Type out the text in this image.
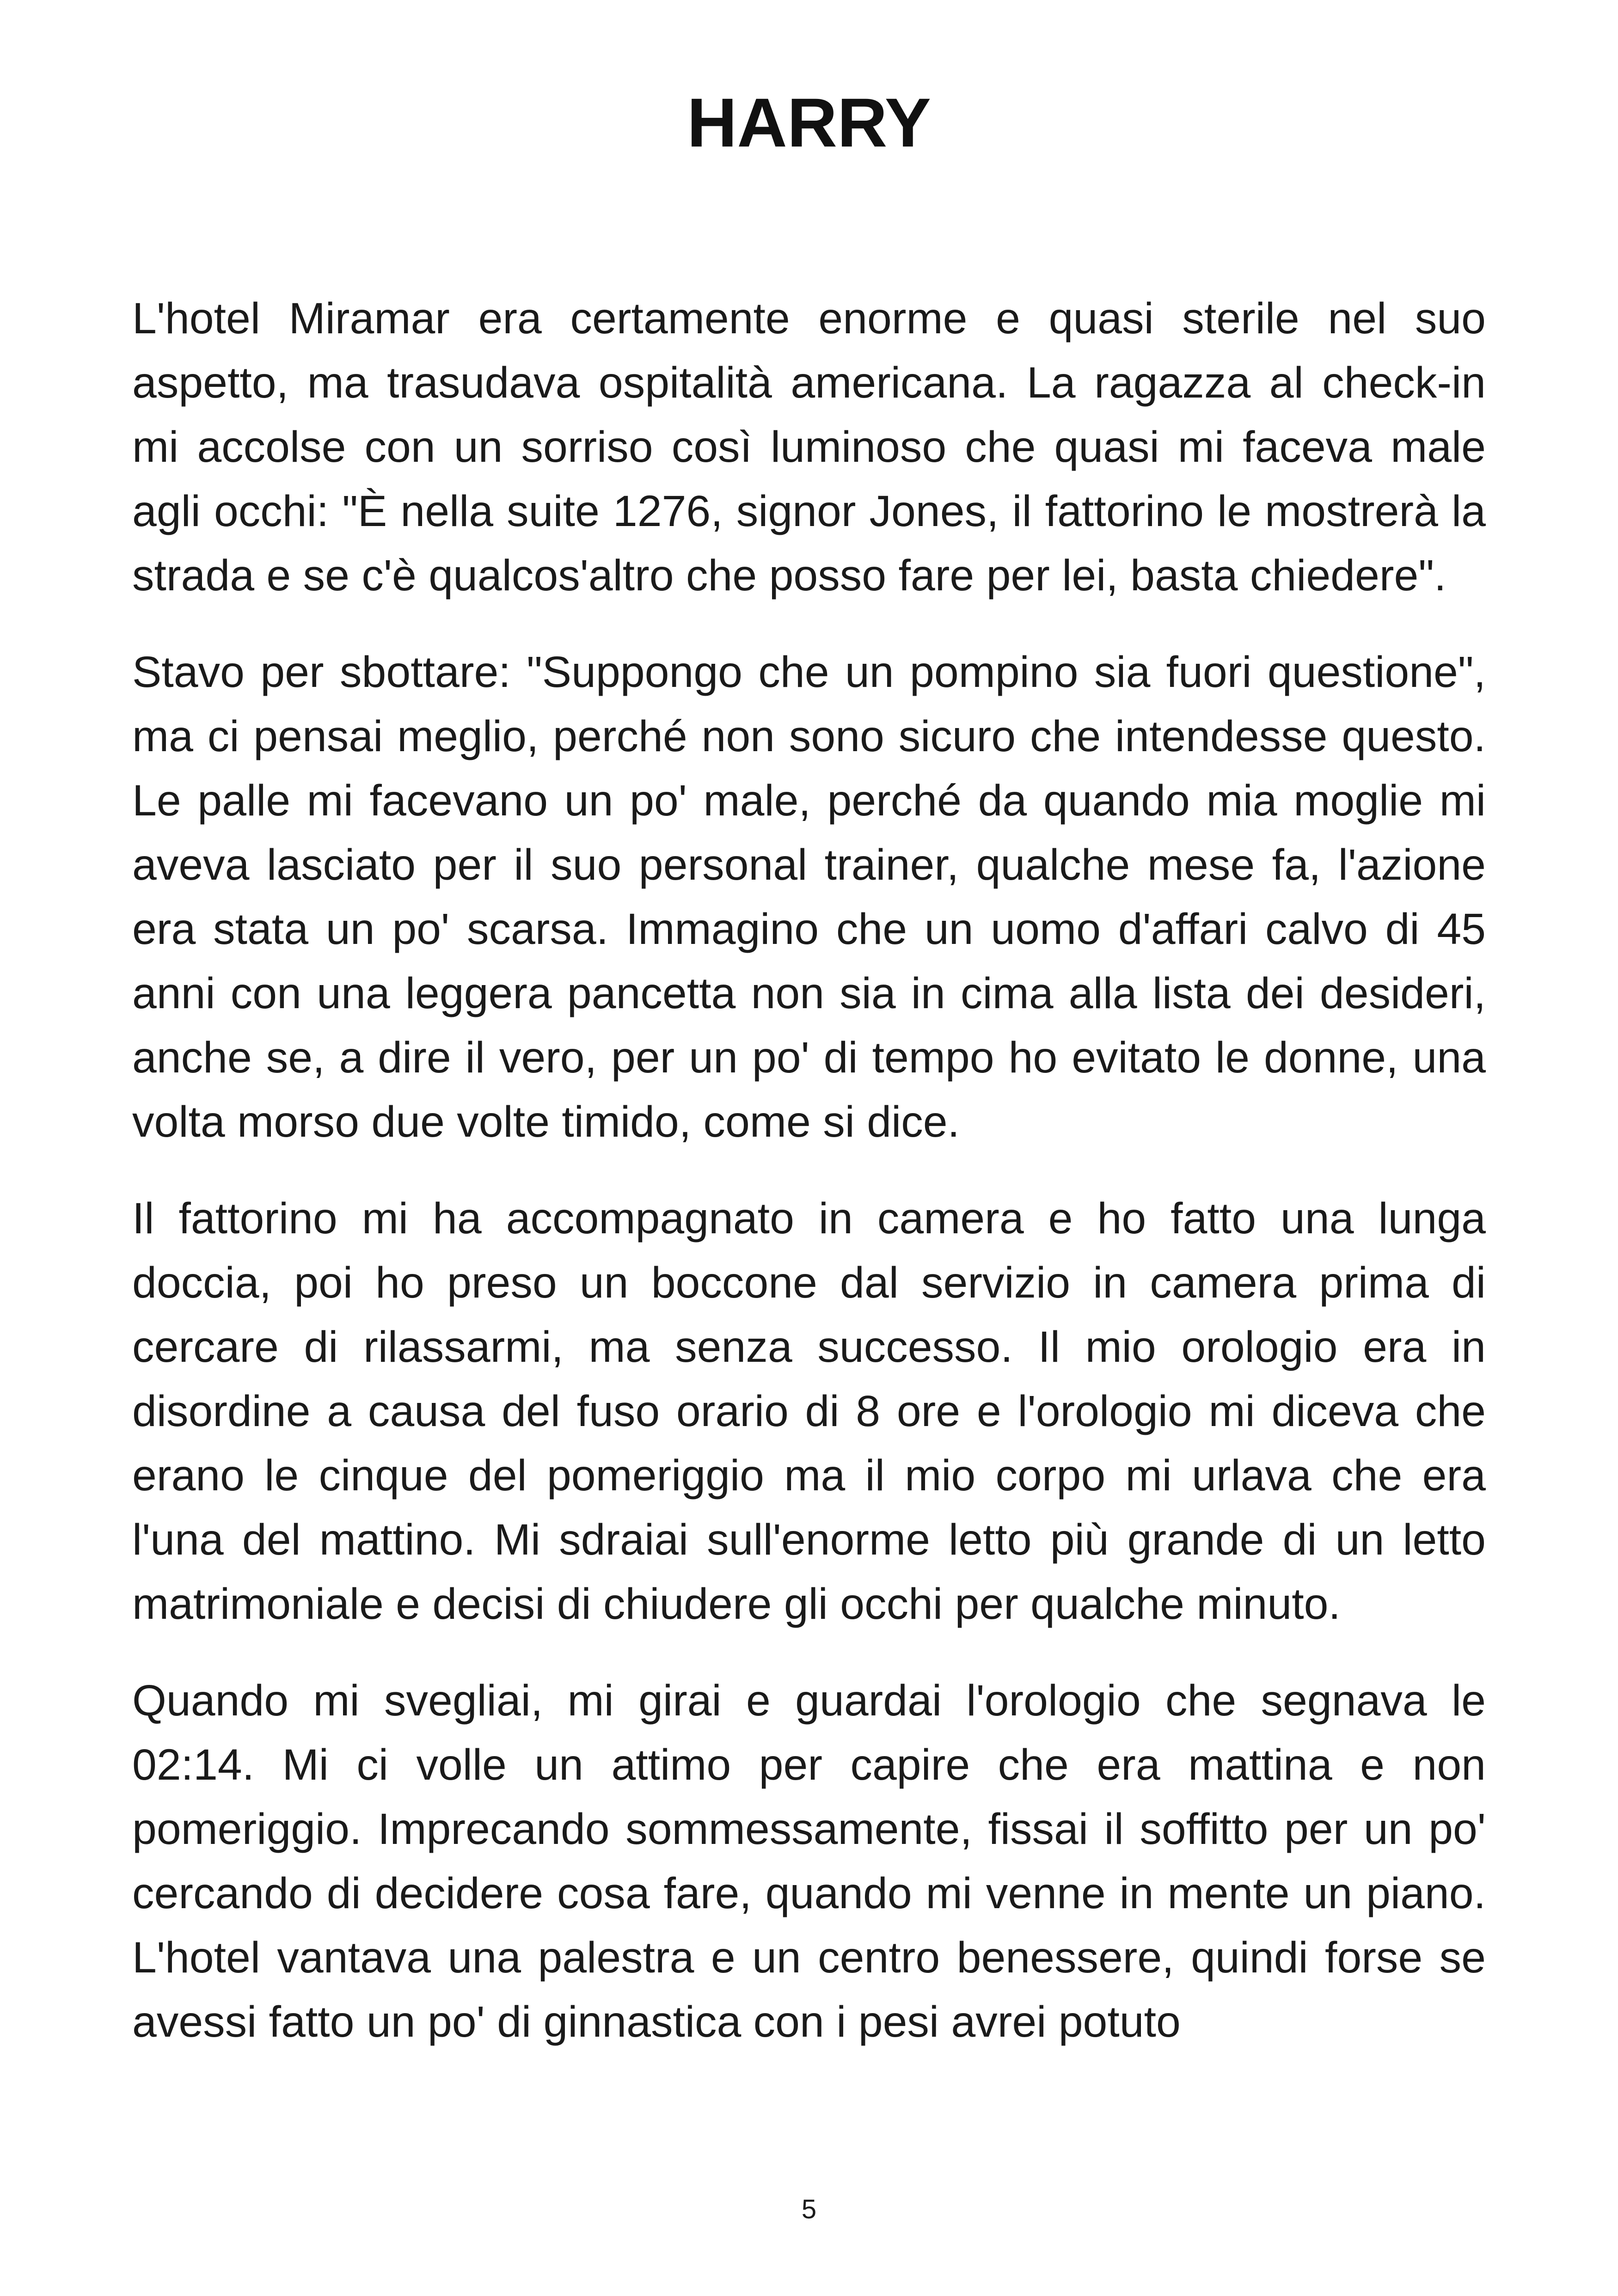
HARRY

L'hotel Miramar era certamente enorme e quasi sterile nel suo aspetto, ma trasudava ospitalità americana. La ragazza al check-in mi accolse con un sorriso così luminoso che quasi mi faceva male agli occhi: "È nella suite 1276, signor Jones, il fattorino le mostrerà la strada e se c'è qualcos'altro che posso fare per lei, basta chiedere".

Stavo per sbottare: "Suppongo che un pompino sia fuori questione", ma ci pensai meglio, perché non sono sicuro che intendesse questo. Le palle mi facevano un po' male, perché da quando mia moglie mi aveva lasciato per il suo personal trainer, qualche mese fa, l'azione era stata un po' scarsa. Immagino che un uomo d'affari calvo di 45 anni con una leggera pancetta non sia in cima alla lista dei desideri, anche se, a dire il vero, per un po' di tempo ho evitato le donne, una volta morso due volte timido, come si dice.

Il fattorino mi ha accompagnato in camera e ho fatto una lunga doccia, poi ho preso un boccone dal servizio in camera prima di cercare di rilassarmi, ma senza successo. Il mio orologio era in disordine a causa del fuso orario di 8 ore e l'orologio mi diceva che erano le cinque del pomeriggio ma il mio corpo mi urlava che era l'una del mattino. Mi sdraiai sull'enorme letto più grande di un letto matrimoniale e decisi di chiudere gli occhi per qualche minuto.

Quando mi svegliai, mi girai e guardai l'orologio che segnava le 02:14. Mi ci volle un attimo per capire che era mattina e non pomeriggio. Imprecando sommessamente, fissai il soffitto per un po' cercando di decidere cosa fare, quando mi venne in mente un piano. L'hotel vantava una palestra e un centro benessere, quindi forse se avessi fatto un po' di ginnastica con i pesi avrei potuto

5
